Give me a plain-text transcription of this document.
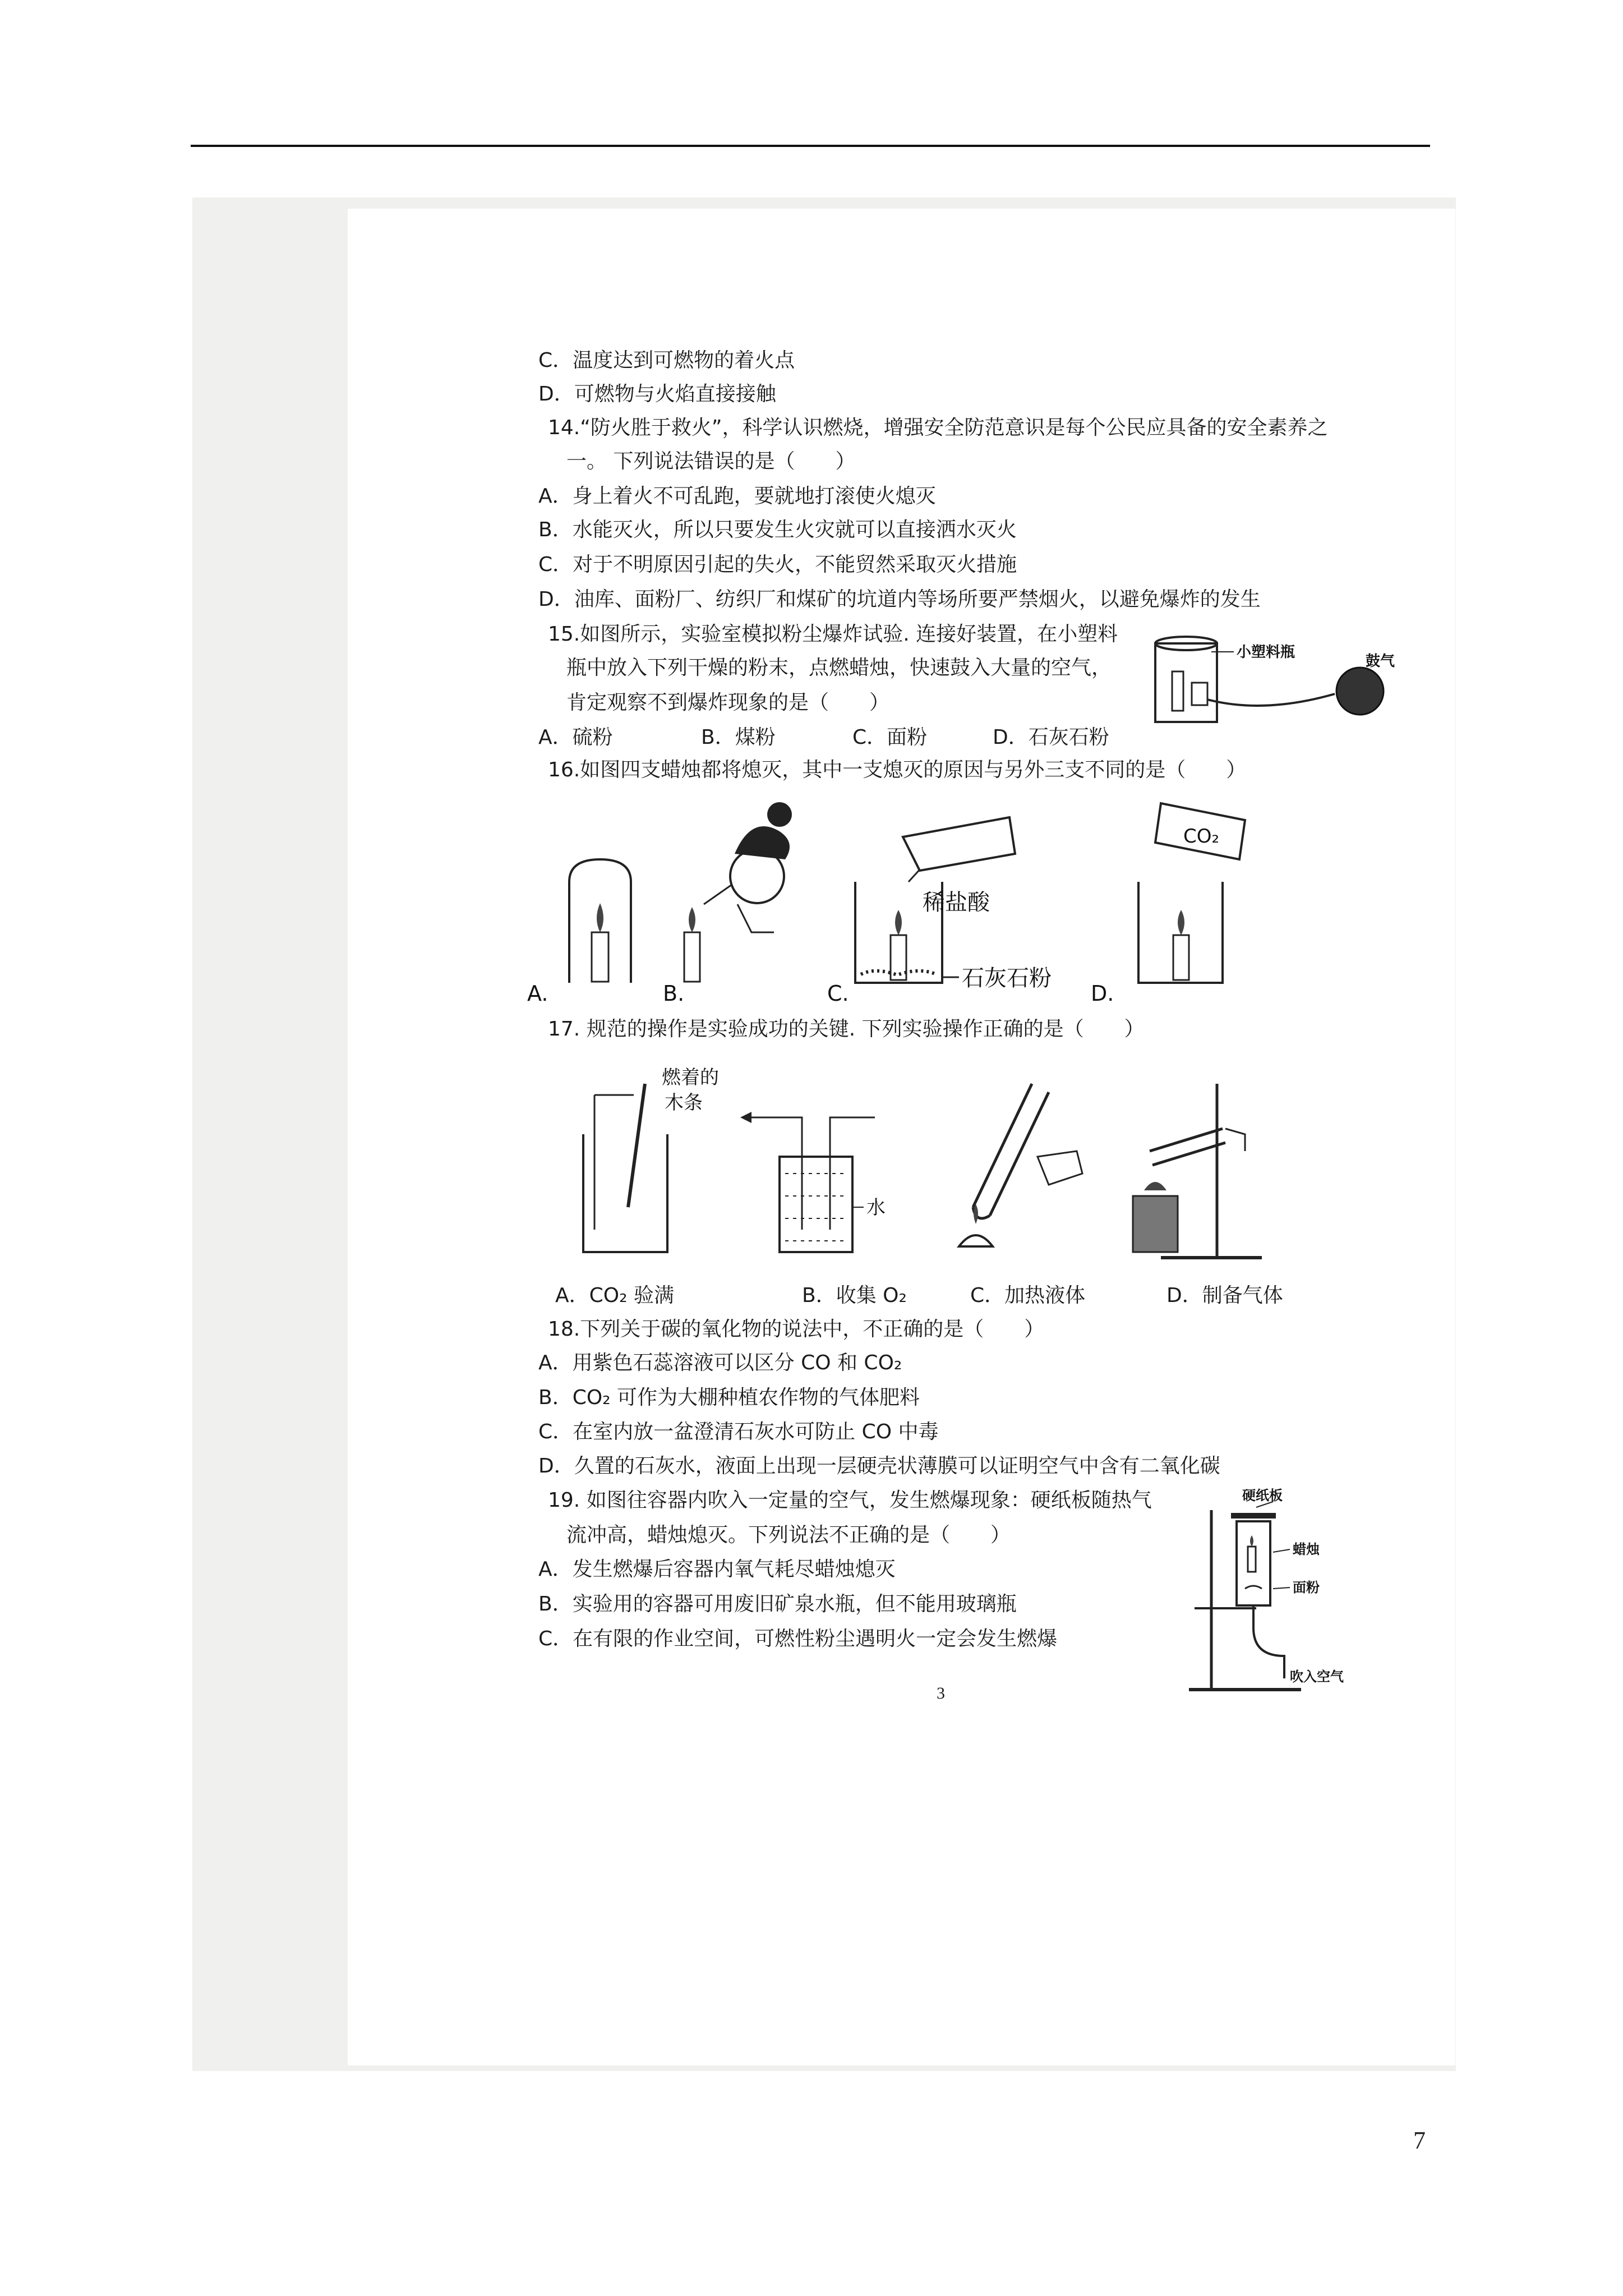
C．温度达到可燃物的着火点
D．可燃物与火焰直接接触
14.“防火胜于救火”，科学认识燃烧，增强安全防范意识是每个公民应具备的安全素养之
一。 下列说法错误的是（　　）
A．身上着火不可乱跑，要就地打滚使火熄灭
B．水能灭火，所以只要发生火灾就可以直接洒水灭火
C．对于不明原因引起的失火，不能贸然采取灭火措施
D．油库、面粉厂、纺织厂和煤矿的坑道内等场所要严禁烟火，以避免爆炸的发生
15.如图所示，实验室模拟粉尘爆炸试验. 连接好装置，在小塑料
瓶中放入下列干燥的粉末，点燃蜡烛，快速鼓入大量的空气，
肯定观察不到爆炸现象的是（　　）
A．硫粉	B．煤粉	C．面粉	D．石灰石粉
小塑料瓶
鼓气
16.如图四支蜡烛都将熄灭，其中一支熄灭的原因与另外三支不同的是（　　）
稀盐酸
石灰石粉
CO₂
A.	B.	C.	D.
17. 规范的操作是实验成功的关键. 下列实验操作正确的是（　　）
燃着的
木条
水
A．CO₂ 验满	B．收集 O₂	C．加热液体	D．制备气体
18.下列关于碳的氧化物的说法中，不正确的是（　　）
A．用紫色石蕊溶液可以区分 CO 和 CO₂
B．CO₂ 可作为大棚种植农作物的气体肥料
C．在室内放一盆澄清石灰水可防止 CO 中毒
D．久置的石灰水，液面上出现一层硬壳状薄膜可以证明空气中含有二氧化碳
19. 如图往容器内吹入一定量的空气，发生燃爆现象：硬纸板随热气
流冲高，蜡烛熄灭。下列说法不正确的是（　　）
A．发生燃爆后容器内氧气耗尽蜡烛熄灭
B．实验用的容器可用废旧矿泉水瓶，但不能用玻璃瓶
C．在有限的作业空间，可燃性粉尘遇明火一定会发生燃爆
硬纸板
蜡烛
面粉
吹入空气
3
7
